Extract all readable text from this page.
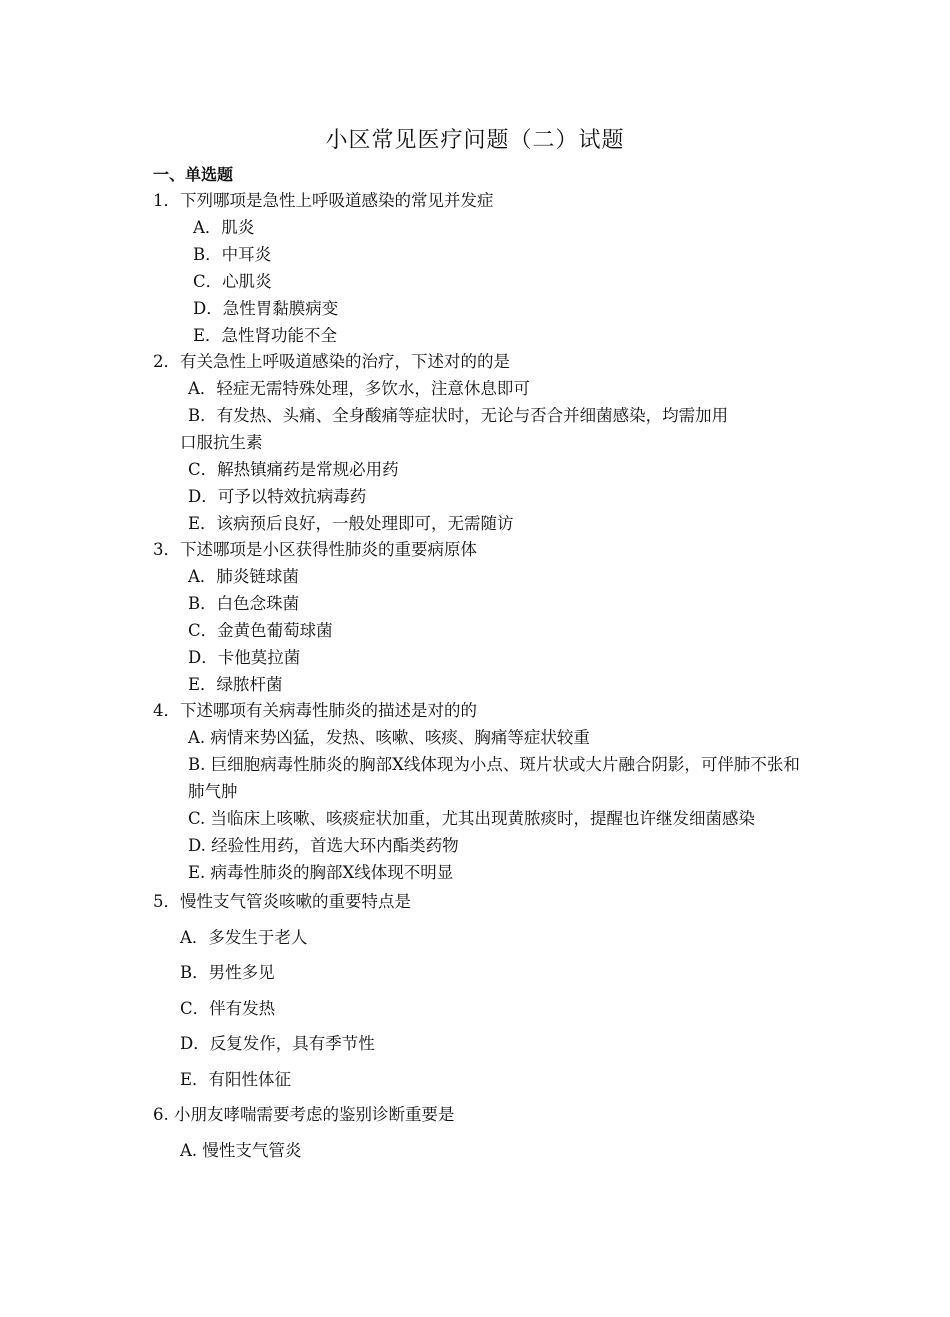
小区常见医疗问题（二）试题
一、单选题
1．下列哪项是急性上呼吸道感染的常见并发症
A．肌炎
B．中耳炎
C．心肌炎
D．急性胃黏膜病变
E．急性肾功能不全
2．有关急性上呼吸道感染的治疗，下述对的的是
A．轻症无需特殊处理，多饮水，注意休息即可
B．有发热、头痛、全身酸痛等症状时，无论与否合并细菌感染，均需加用
口服抗生素
C．解热镇痛药是常规必用药
D．可予以特效抗病毒药
E．该病预后良好，一般处理即可，无需随访
3．下述哪项是小区获得性肺炎的重要病原体
A．肺炎链球菌
B．白色念珠菌
C．金黄色葡萄球菌
D．卡他莫拉菌
E．绿脓杆菌
4．下述哪项有关病毒性肺炎的描述是对的的
A. 病情来势凶猛，发热、咳嗽、咳痰、胸痛等症状较重
B. 巨细胞病毒性肺炎的胸部X线体现为小点、斑片状或大片融合阴影，可伴肺不张和
肺气肿
C. 当临床上咳嗽、咳痰症状加重，尤其出现黄脓痰时，提醒也许继发细菌感染
D. 经验性用药，首选大环内酯类药物
E. 病毒性肺炎的胸部X线体现不明显
5．慢性支气管炎咳嗽的重要特点是
A．多发生于老人
B．男性多见
C．伴有发热
D．反复发作，具有季节性
E．有阳性体征
6. 小朋友哮喘需要考虑的鉴别诊断重要是
A. 慢性支气管炎
